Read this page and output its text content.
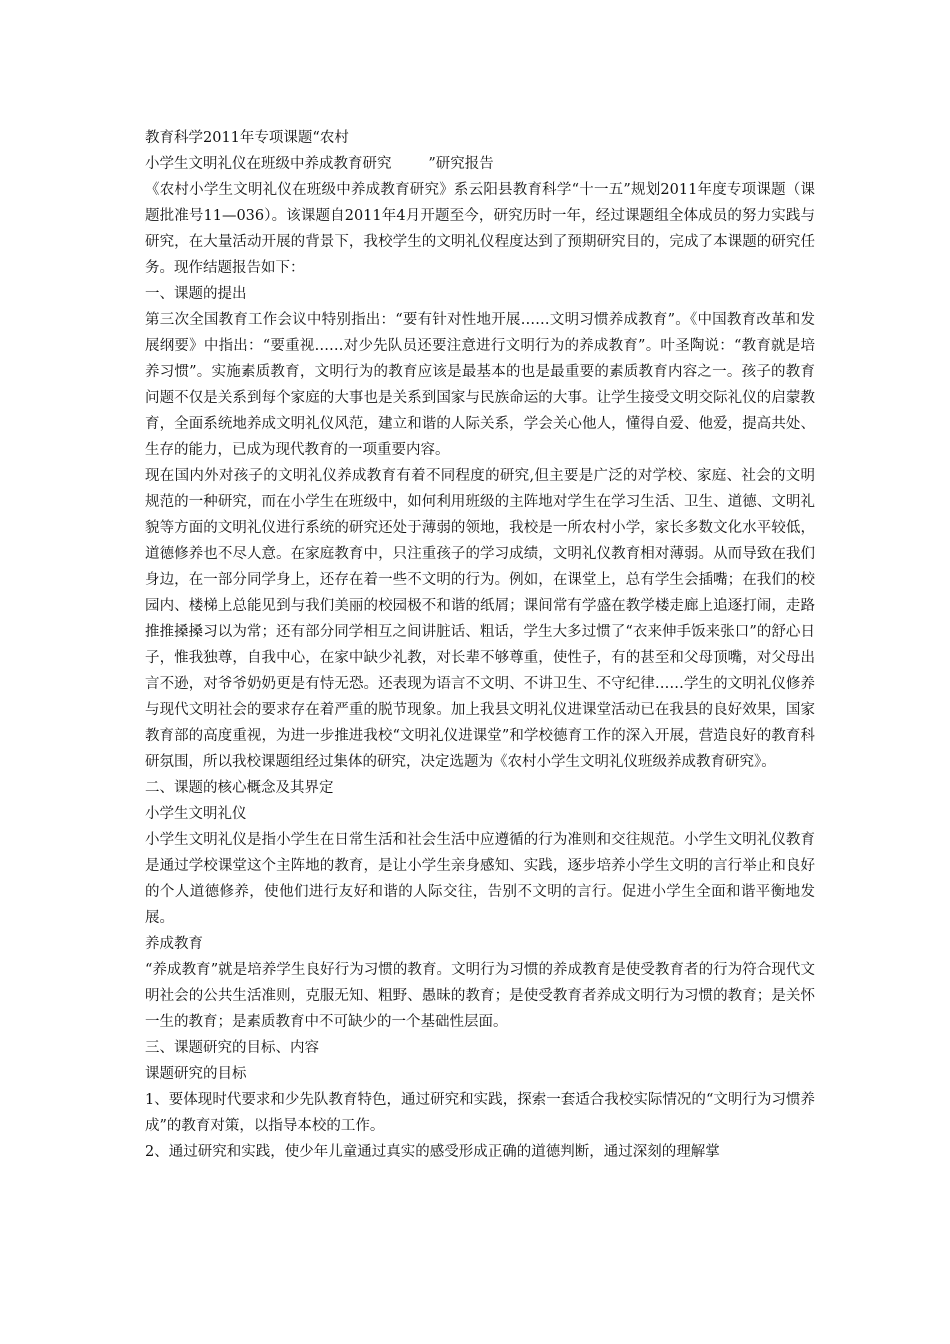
教育科学2011年专项课题“农村

小学生文明礼仪在班级中养成教育研究        ”研究报告

《农村小学生文明礼仪在班级中养成教育研究》系云阳县教育科学“十一五”规划2011年度专项课题（课题批准号11—036）。该课题自2011年4月开题至今，研究历时一年，经过课题组全体成员的努力实践与研究，在大量活动开展的背景下，我校学生的文明礼仪程度达到了预期研究目的，完成了本课题的研究任务。现作结题报告如下：

一、课题的提出

第三次全国教育工作会议中特别指出：“要有针对性地开展……文明习惯养成教育”。《中国教育改革和发展纲要》中指出：“要重视……对少先队员还要注意进行文明行为的养成教育”。叶圣陶说：“教育就是培养习惯”。实施素质教育，文明行为的教育应该是最基本的也是最重要的素质教育内容之一。孩子的教育问题不仅是关系到每个家庭的大事也是关系到国家与民族命运的大事。让学生接受文明交际礼仪的启蒙教育，全面系统地养成文明礼仪风范，建立和谐的人际关系，学会关心他人，懂得自爱、他爱，提高共处、生存的能力，已成为现代教育的一项重要内容。

现在国内外对孩子的文明礼仪养成教育有着不同程度的研究,但主要是广泛的对学校、家庭、社会的文明规范的一种研究，而在小学生在班级中，如何利用班级的主阵地对学生在学习生活、卫生、道德、文明礼貌等方面的文明礼仪进行系统的研究还处于薄弱的领地，我校是一所农村小学，家长多数文化水平较低，道德修养也不尽人意。在家庭教育中，只注重孩子的学习成绩，文明礼仪教育相对薄弱。从而导致在我们身边，在一部分同学身上，还存在着一些不文明的行为。例如，在课堂上，总有学生会插嘴；在我们的校园内、楼梯上总能见到与我们美丽的校园极不和谐的纸屑；课间常有学盛在教学楼走廊上追逐打闹，走路推推搡搡习以为常；还有部分同学相互之间讲脏话、粗话，学生大多过惯了“衣来伸手饭来张口”的舒心日子，惟我独尊，自我中心，在家中缺少礼教，对长辈不够尊重，使性子，有的甚至和父母顶嘴，对父母出言不逊，对爷爷奶奶更是有恃无恐。还表现为语言不文明、不讲卫生、不守纪律……学生的文明礼仪修养与现代文明社会的要求存在着严重的脱节现象。加上我县文明礼仪进课堂活动已在我县的良好效果，国家教育部的高度重视，为进一步推进我校“文明礼仪进课堂”和学校德育工作的深入开展，营造良好的教育科研氛围，所以我校课题组经过集体的研究，决定选题为《农村小学生文明礼仪班级养成教育研究》。

二、课题的核心概念及其界定

小学生文明礼仪

小学生文明礼仪是指小学生在日常生活和社会生活中应遵循的行为准则和交往规范。小学生文明礼仪教育是通过学校课堂这个主阵地的教育，是让小学生亲身感知、实践，逐步培养小学生文明的言行举止和良好的个人道德修养，使他们进行友好和谐的人际交往，告别不文明的言行。促进小学生全面和谐平衡地发展。

养成教育

“养成教育”就是培养学生良好行为习惯的教育。文明行为习惯的养成教育是使受教育者的行为符合现代文明社会的公共生活准则，克服无知、粗野、愚昧的教育；是使受教育者养成文明行为习惯的教育；是关怀一生的教育；是素质教育中不可缺少的一个基础性层面。

三、课题研究的目标、内容

课题研究的目标

1、要体现时代要求和少先队教育特色，通过研究和实践，探索一套适合我校实际情况的“文明行为习惯养成”的教育对策，以指导本校的工作。

2、通过研究和实践，使少年儿童通过真实的感受形成正确的道德判断，通过深刻的理解掌
